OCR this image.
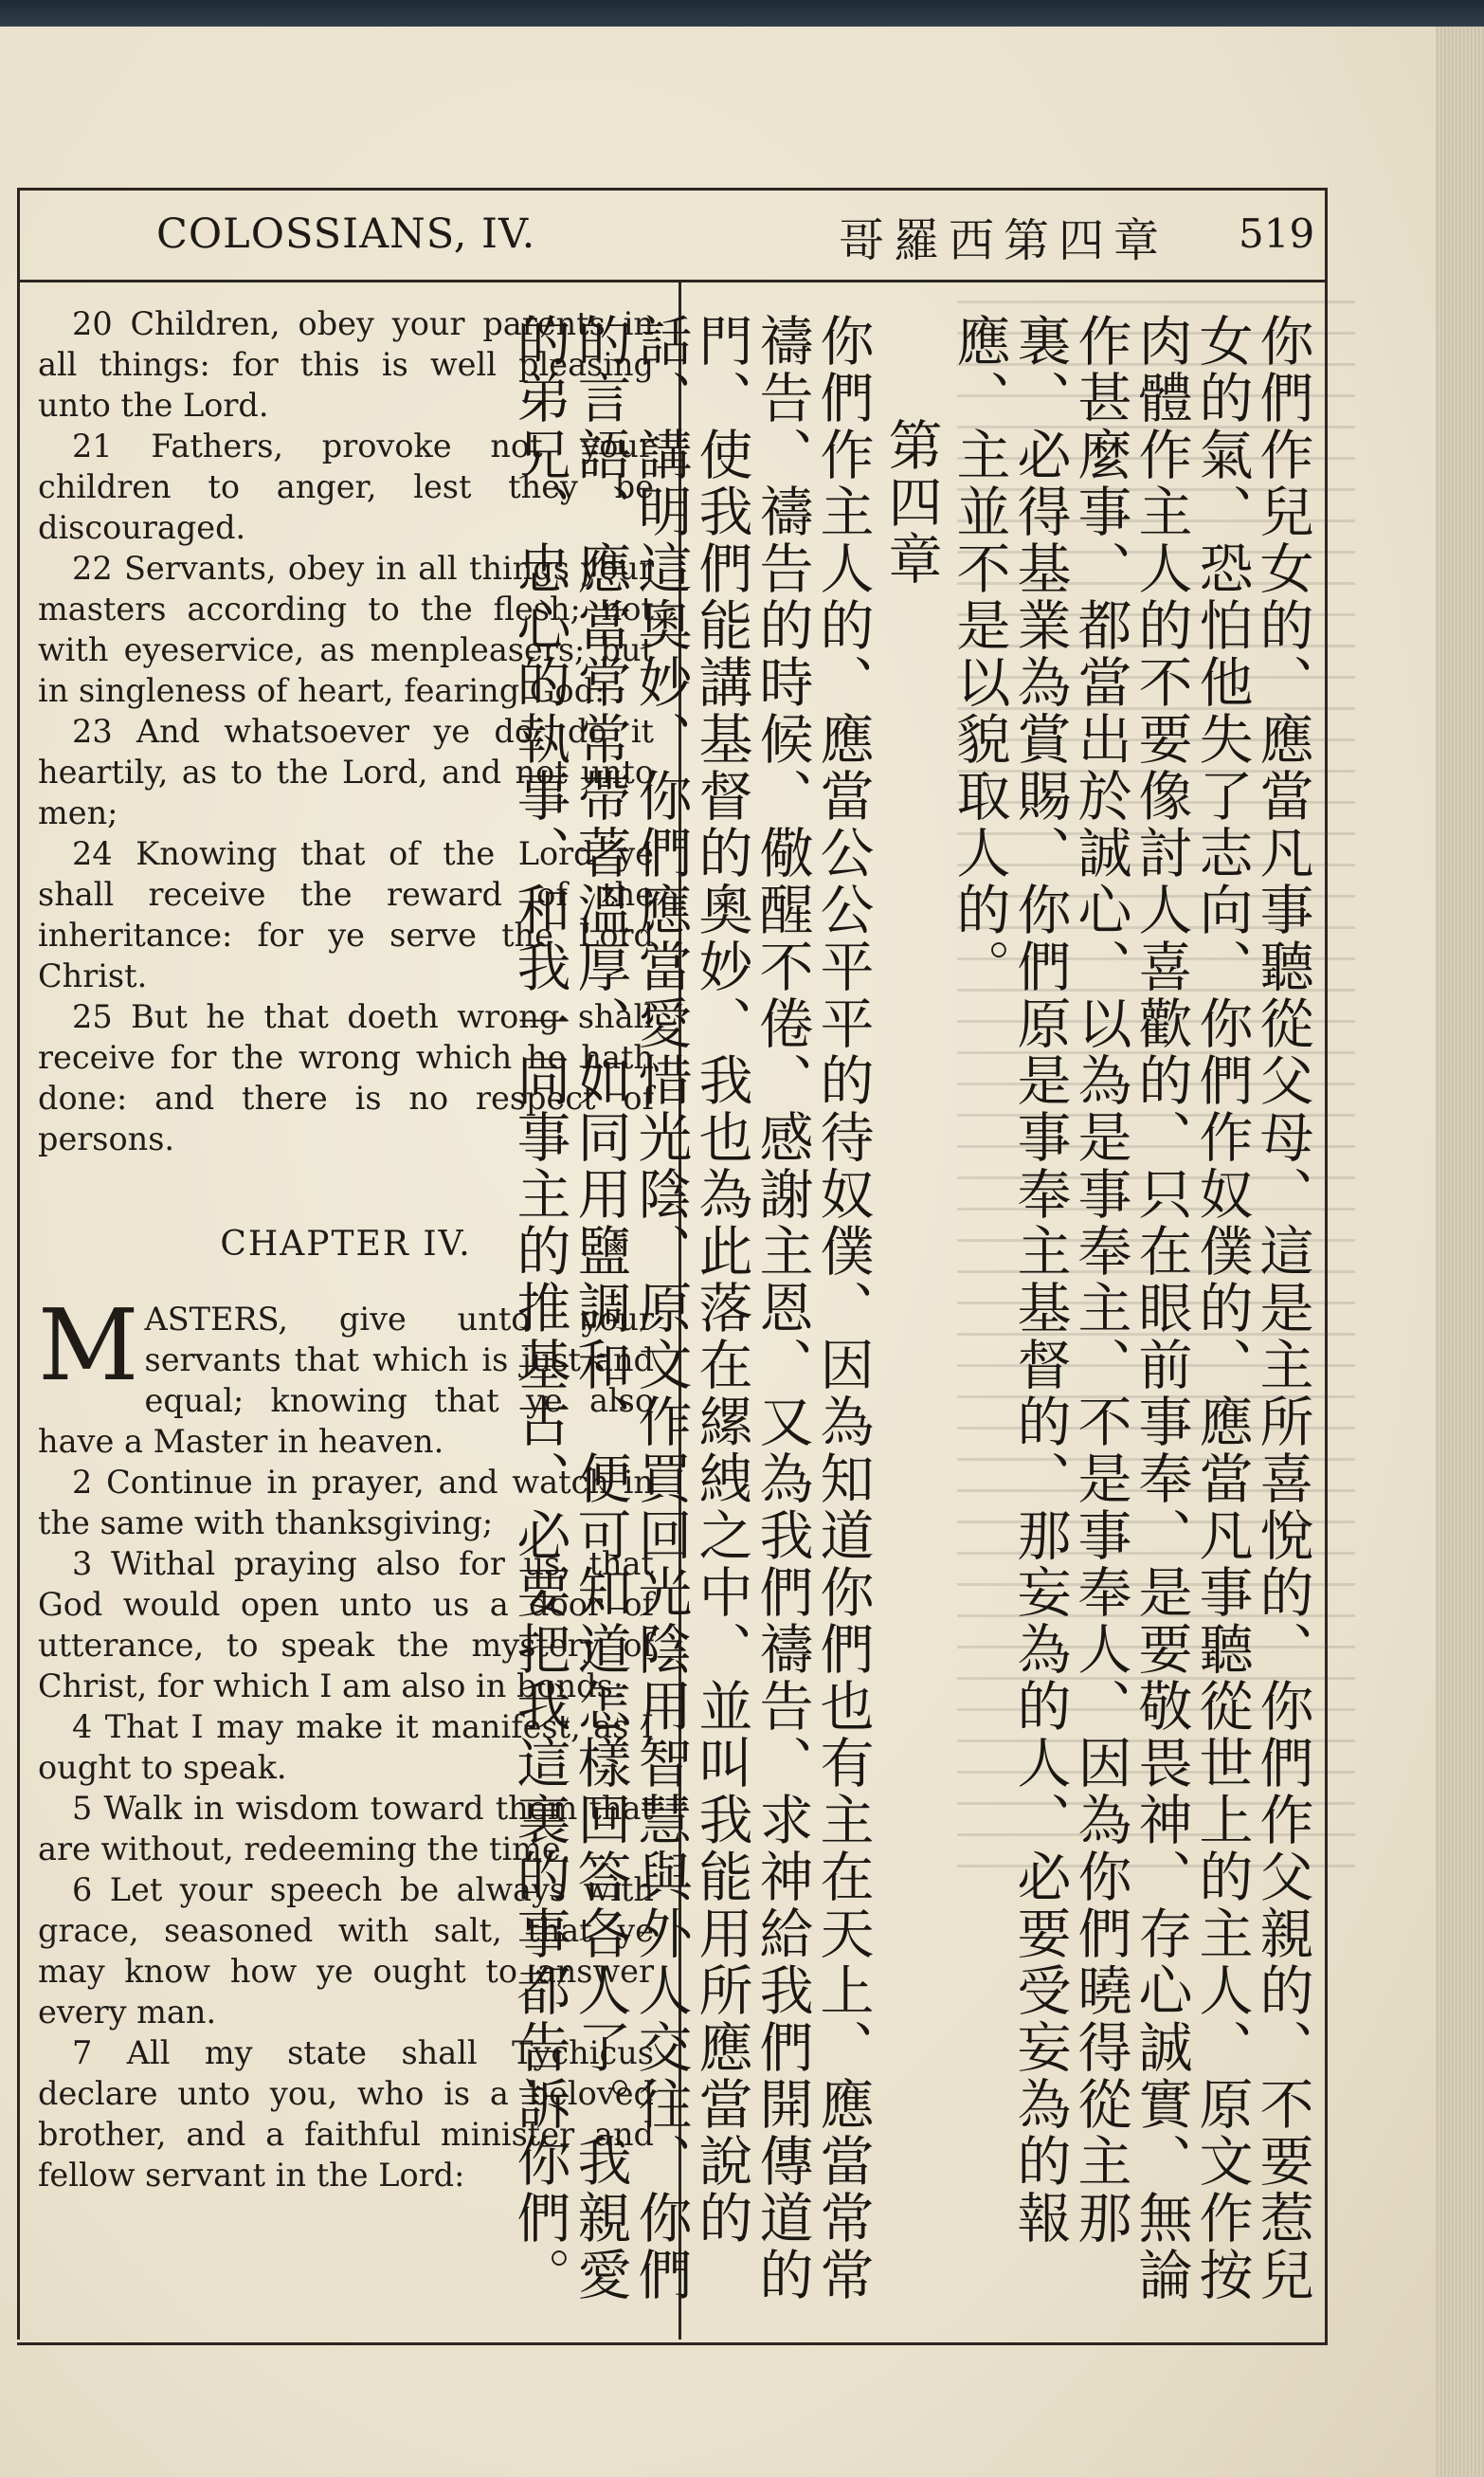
COLOSSIANS, IV.	哥羅西第四章 519

20 Children, obey your parents in all things: for this is well pleasing unto the Lord.

21 Fathers, provoke not your children to anger, lest they be discouraged.

22 Servants, obey in all things your masters according to the flesh; not with eyeservice, as menpleasers; but in singleness of heart, fearing God:

23 And whatsoever ye do, do it heartily, as to the Lord, and not unto men;

24 Knowing that of the Lord ye shall receive the reward of the inheritance: for ye serve the Lord Christ.

25 But he that doeth wrong shall receive for the wrong which he hath done: and there is no respect of persons.

CHAPTER IV.

MASTERS, give unto your servants that which is just and equal; knowing that ye also have a Master in heaven.

2 Continue in prayer, and watch in the same with thanksgiving;

3 Withal praying also for us, that God would open unto us a door of utterance, to speak the mystery of Christ, for which I am also in bonds:

4 That I may make it manifest, as I ought to speak.

5 Walk in wisdom toward them that are without, redeeming the time.

6 Let your speech be always with grace, seasoned with salt, that ye may know how ye ought to answer every man.

7 All my state shall Tychicus declare unto you, who is a beloved brother, and a faithful minister and fellow servant in the Lord:	你們作兒女的、應當凡事聽從父母、這是主所喜悅的、你們作父親的、不要惹兒女的氣、恐怕他失了志向、你們作奴僕的、應當凡事聽從世上的主人、原文作按肉體作主人的不要像討人喜歡的、只在眼前事奉、是要敬畏神、存心誠實、無論作甚麼事、都當出於誠心、以為是事奉主、不是事奉人、因為你們曉得從主那裏、必得基業為賞賜、你們原是事奉主基督的、那妄為的人、必要受妄為的報應、主並不是以貌取人的。

第四章

你們作主人的、應當公公平平的待奴僕、因為知道你們也有主在天上、應當常常禱告、禱告的時候、儆醒不倦、感謝主恩、又為我們禱告、求神給我們開傳道的門、使我們能講基督的奧妙、我也為此落在縲絏之中、並叫我能用所應當說的話、講明這奧妙、你們應當愛惜光陰、原文作買回光陰用智慧與外人交往、你們的言語、應當常常帶著溫厚、如同用鹽調和、便可知道怎樣回答各人了。我親愛的弟兄、忠心的執事、和我一同事主的推基古、必要把我這裏的事都告訴你們。
